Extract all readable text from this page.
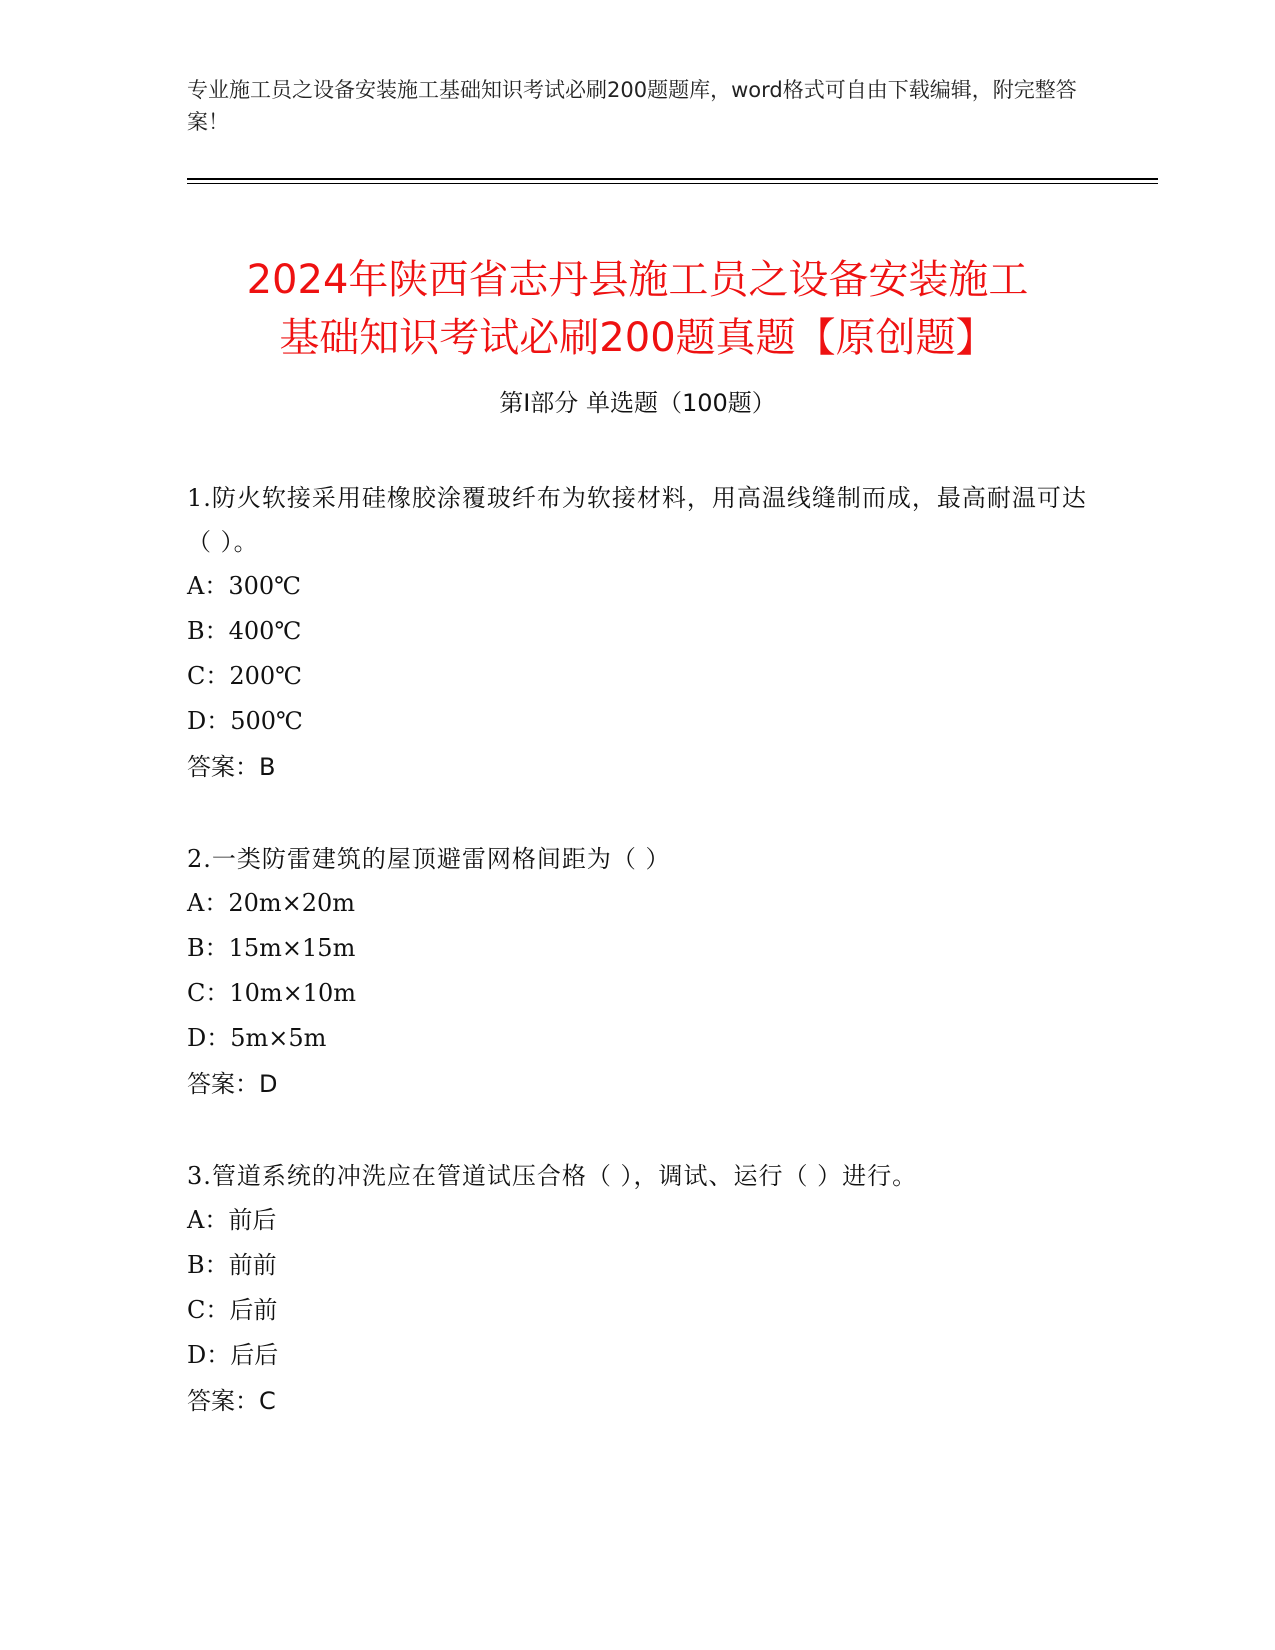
专业施工员之设备安装施工基础知识考试必刷200题题库，word格式可自由下载编辑，附完整答案！
2024年陕西省志丹县施工员之设备安装施工
基础知识考试必刷200题真题【原创题】
第I部分 单选题（100题）
1.防火软接采用硅橡胶涂覆玻纤布为软接材料，用高温线缝制而成，最高耐温可达（ ）。
A：300℃
B：400℃
C：200℃
D：500℃
答案：B
2.一类防雷建筑的屋顶避雷网格间距为（ ）
A：20m×20m
B：15m×15m
C：10m×10m
D：5m×5m
答案：D
3.管道系统的冲洗应在管道试压合格（ ），调试、运行（ ）进行。
A：前后
B：前前
C：后前
D：后后
答案：C
